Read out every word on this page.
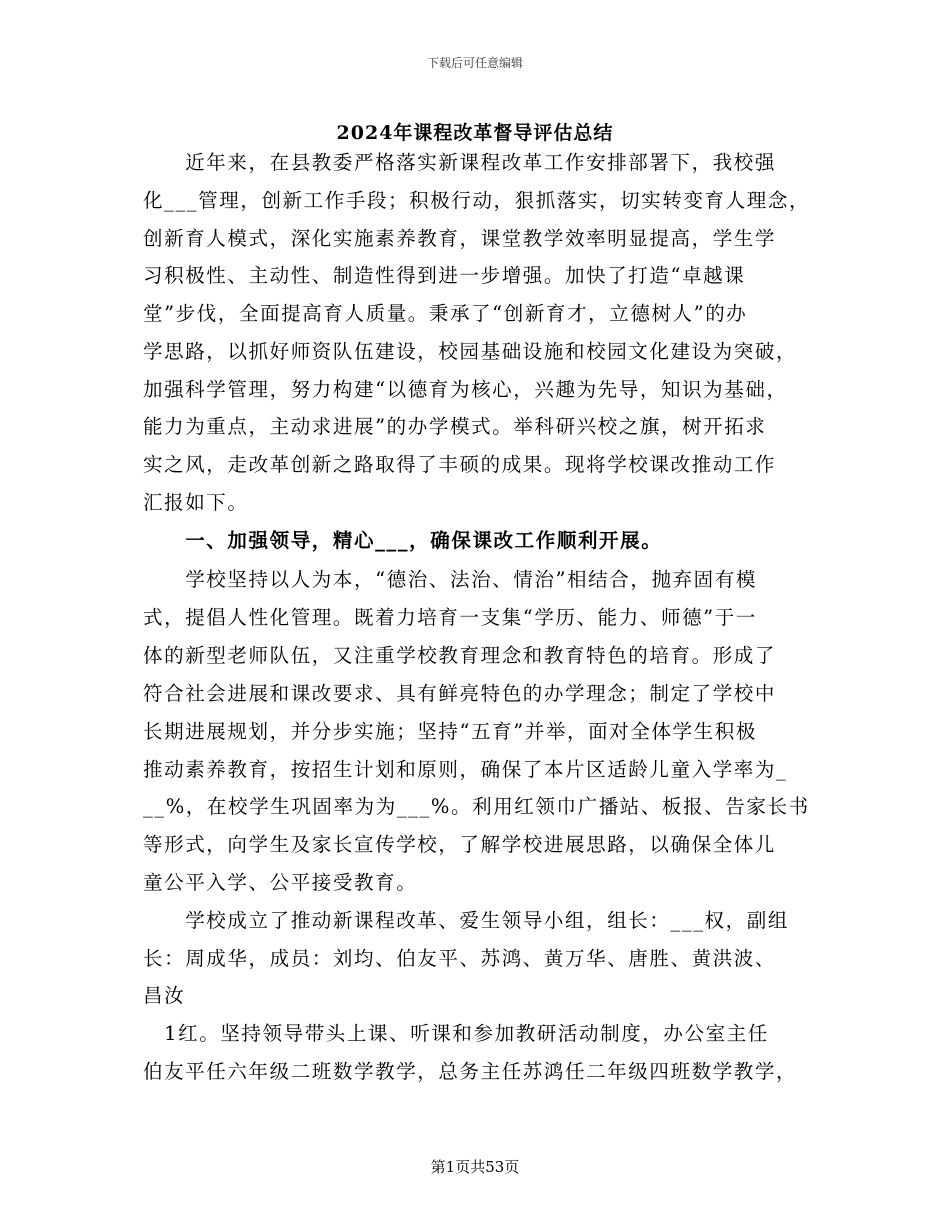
下载后可任意编辑
2024年课程改革督导评估总结
　　近年来，在县教委严格落实新课程改革工作安排部署下，我校强
化___管理，创新工作手段；积极行动，狠抓落实，切实转变育人理念，
创新育人模式，深化实施素养教育，课堂教学效率明显提高，学生学
习积极性、主动性、制造性得到进一步增强。加快了打造“卓越课
堂”步伐，全面提高育人质量。秉承了“创新育才，立德树人”的办
学思路，以抓好师资队伍建设，校园基础设施和校园文化建设为突破，
加强科学管理，努力构建“以德育为核心，兴趣为先导，知识为基础，
能力为重点，主动求进展”的办学模式。举科研兴校之旗，树开拓求
实之风，走改革创新之路取得了丰硕的成果。现将学校课改推动工作
汇报如下。
　　一、加强领导，精心___，确保课改工作顺利开展。
　　学校坚持以人为本，“德治、法治、情治”相结合，抛弃固有模
式，提倡人性化管理。既着力培育一支集“学历、能力、师德”于一
体的新型老师队伍，又注重学校教育理念和教育特色的培育。形成了
符合社会进展和课改要求、具有鲜亮特色的办学理念；制定了学校中
长期进展规划，并分步实施；坚持“五育”并举，面对全体学生积极
推动素养教育，按招生计划和原则，确保了本片区适龄儿童入学率为_
__%，在校学生巩固率为为___%。利用红领巾广播站、板报、告家长书
等形式，向学生及家长宣传学校，了解学校进展思路，以确保全体儿
童公平入学、公平接受教育。
　　学校成立了推动新课程改革、爱生领导小组，组长：___权，副组
长：周成华，成员：刘均、伯友平、苏鸿、黄万华、唐胜、黄洪波、
昌汝
　1红。坚持领导带头上课、听课和参加教研活动制度，办公室主任
伯友平任六年级二班数学教学，总务主任苏鸿任二年级四班数学教学，
第1页共53页
